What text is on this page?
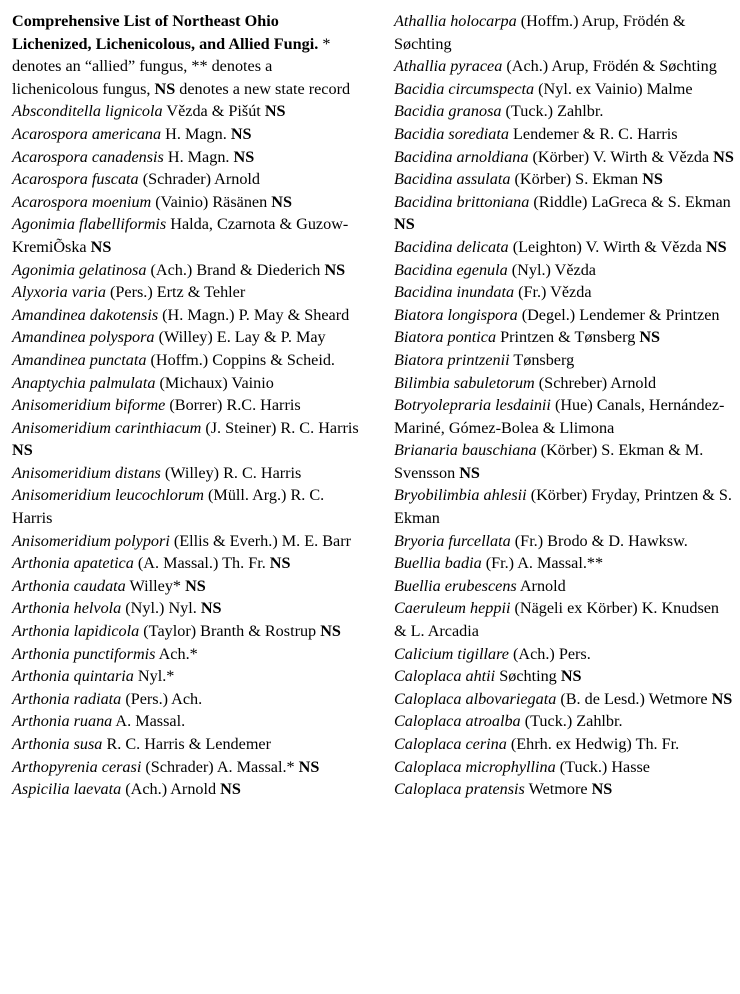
Comprehensive List of Northeast Ohio Lichenized, Lichenicolous, and Allied Fungi. * denotes an “allied” fungus, ** denotes a lichenicolous fungus, NS denotes a new state record

Absconditella lignicola Vězda & Pišút NS

Acarospora americana H. Magn. NS

Acarospora canadensis H. Magn. NS

Acarospora fuscata (Schrader) Arnold

Acarospora moenium (Vainio) Räsänen NS

Agonimia flabelliformis Halda, Czarnota & Guzow-KremiÕska NS

Agonimia gelatinosa (Ach.) Brand & Diederich NS

Alyxoria varia (Pers.) Ertz & Tehler

Amandinea dakotensis (H. Magn.) P. May & Sheard

Amandinea polyspora (Willey) E. Lay & P. May

Amandinea punctata (Hoffm.) Coppins & Scheid.

Anaptychia palmulata (Michaux) Vainio

Anisomeridium biforme (Borrer) R.C. Harris

Anisomeridium carinthiacum (J. Steiner) R. C. Harris NS

Anisomeridium distans (Willey) R. C. Harris

Anisomeridium leucochlorum (Müll. Arg.) R. C. Harris

Anisomeridium polypori (Ellis & Everh.) M. E. Barr

Arthonia apatetica (A. Massal.) Th. Fr. NS

Arthonia caudata Willey* NS

Arthonia helvola (Nyl.) Nyl. NS

Arthonia lapidicola (Taylor) Branth & Rostrup NS

Arthonia punctiformis Ach.*

Arthonia quintaria Nyl.*

Arthonia radiata (Pers.) Ach.

Arthonia ruana A. Massal.

Arthonia susa R. C. Harris & Lendemer

Arthopyrenia cerasi (Schrader) A. Massal.* NS

Aspicilia laevata (Ach.) Arnold NS

Athallia holocarpa (Hoffm.) Arup, Frödén & Søchting

Athallia pyracea (Ach.) Arup, Frödén & Søchting

Bacidia circumspecta (Nyl. ex Vainio) Malme

Bacidia granosa (Tuck.) Zahlbr.

Bacidia sorediata Lendemer & R. C. Harris

Bacidina arnoldiana (Körber) V. Wirth & Vězda NS

Bacidina assulata (Körber) S. Ekman NS

Bacidina brittoniana (Riddle) LaGreca & S. Ekman NS

Bacidina delicata (Leighton) V. Wirth & Vězda NS

Bacidina egenula (Nyl.) Vězda

Bacidina inundata (Fr.) Vězda

Biatora longispora (Degel.) Lendemer & Printzen

Biatora pontica Printzen & Tønsberg NS

Biatora printzenii Tønsberg

Bilimbia sabuletorum (Schreber) Arnold

Botryolepraria lesdainii (Hue) Canals, Hernández-Mariné, Gómez-Bolea & Llimona

Brianaria bauschiana (Körber) S. Ekman & M. Svensson NS

Bryobilimbia ahlesii (Körber) Fryday, Printzen & S. Ekman

Bryoria furcellata (Fr.) Brodo & D. Hawksw.

Buellia badia (Fr.) A. Massal.**

Buellia erubescens Arnold

Caeruleum heppii (Nägeli ex Körber) K. Knudsen & L. Arcadia

Calicium tigillare (Ach.) Pers.

Caloplaca ahtii Søchting NS

Caloplaca albovariegata (B. de Lesd.) Wetmore NS

Caloplaca atroalba (Tuck.) Zahlbr.

Caloplaca cerina (Ehrh. ex Hedwig) Th. Fr.

Caloplaca microphyllina (Tuck.) Hasse

Caloplaca pratensis Wetmore NS
